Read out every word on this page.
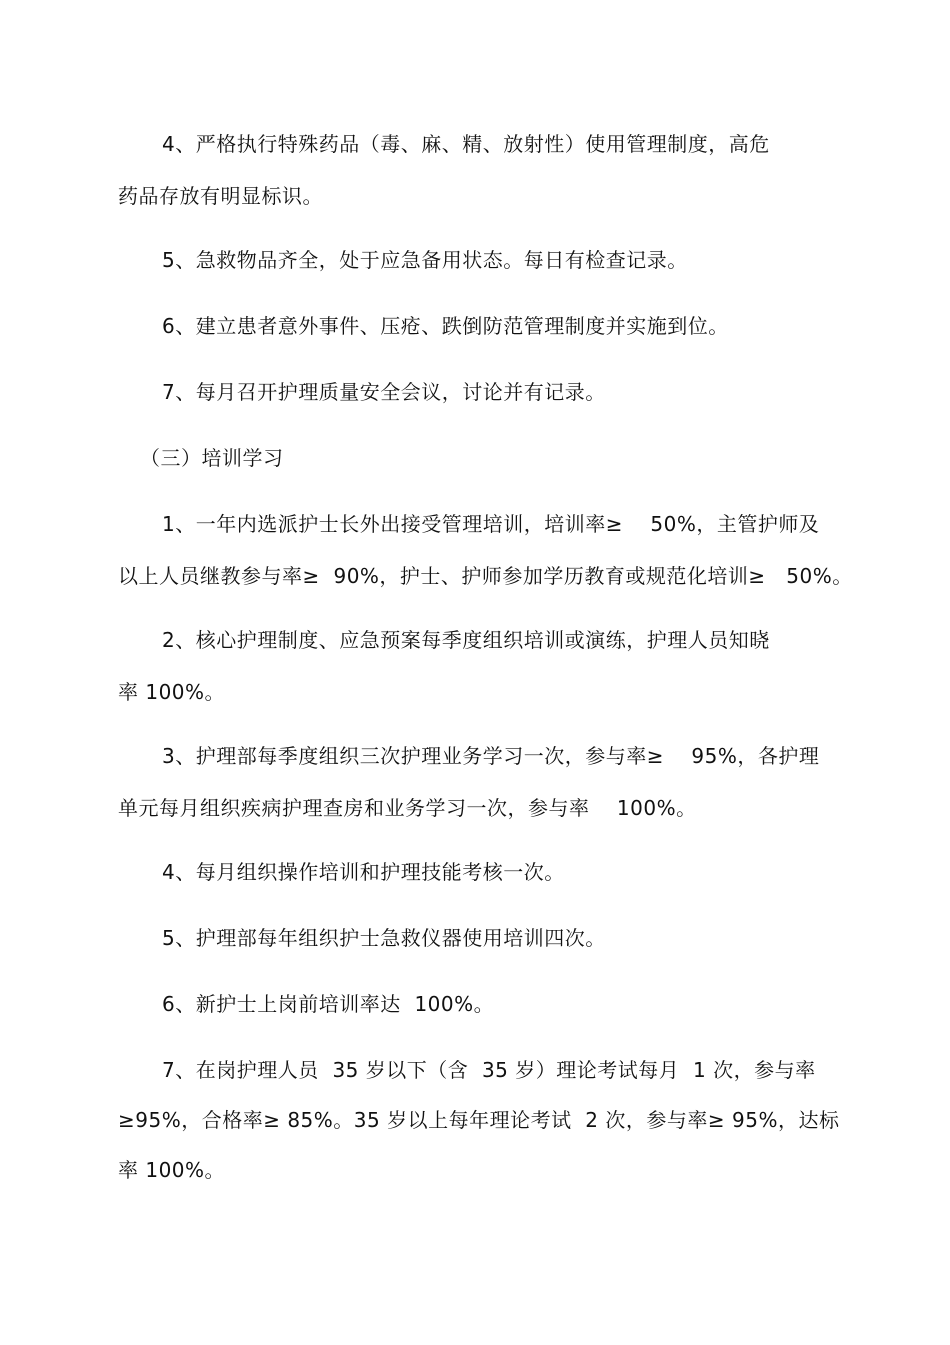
4、严格执行特殊药品（毒、麻、精、放射性）使用管理制度，高危
药品存放有明显标识。
5、急救物品齐全，处于应急备用状态。每日有检查记录。
6、建立患者意外事件、压疮、跌倒防范管理制度并实施到位。
7、每月召开护理质量安全会议，讨论并有记录。
（三）培训学习
1、一年内选派护士长外出接受管理培训，培训率≥    50%，主管护师及
以上人员继教参与率≥  90%，护士、护师参加学历教育或规范化培训≥   50%。
2、核心护理制度、应急预案每季度组织培训或演练，护理人员知晓
率 100%。
3、护理部每季度组织三次护理业务学习一次，参与率≥    95%，各护理
单元每月组织疾病护理查房和业务学习一次，参与率    100%。
4、每月组织操作培训和护理技能考核一次。
5、护理部每年组织护士急救仪器使用培训四次。
6、新护士上岗前培训率达  100%。
7、在岗护理人员  35 岁以下（含  35 岁）理论考试每月  1 次，参与率
≥95%，合格率≥ 85%。35 岁以上每年理论考试  2 次，参与率≥ 95%，达标
率 100%。
